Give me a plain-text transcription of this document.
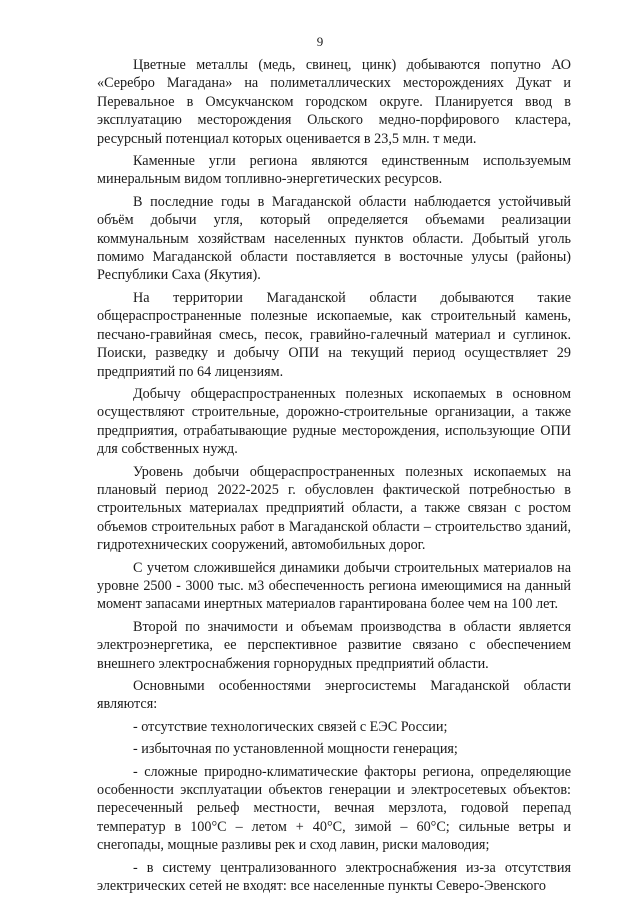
9

Цветные металлы (медь, свинец, цинк) добываются попутно АО «Серебро Магадана» на полиметаллических месторождениях Дукат и Перевальное в Омсукчанском городском округе. Планируется ввод в эксплуатацию месторождения Ольского медно-порфирового кластера, ресурсный потенциал которых оценивается в 23,5 млн. т меди.

Каменные угли региона являются единственным используемым минеральным видом топливно-энергетических ресурсов.

В последние годы в Магаданской области наблюдается устойчивый объём добычи угля, который определяется объемами реализации коммунальным хозяйствам населенных пунктов области. Добытый уголь помимо Магаданской области поставляется в восточные улусы (районы) Республики Саха (Якутия).

На территории Магаданской области добываются такие общераспространенные полезные ископаемые, как строительный камень, песчано-гравийная смесь, песок, гравийно-галечный материал и суглинок. Поиски, разведку и добычу ОПИ на текущий период осуществляет 29 предприятий по 64 лицензиям.

Добычу общераспространенных полезных ископаемых в основном осуществляют строительные, дорожно-строительные организации, а также предприятия, отрабатывающие рудные месторождения, использующие ОПИ для собственных нужд.

Уровень добычи общераспространенных полезных ископаемых на плановый период 2022-2025 г. обусловлен фактической потребностью в строительных материалах предприятий области, а также связан с ростом объемов строительных работ в Магаданской области – строительство зданий, гидротехнических сооружений, автомобильных дорог.

С учетом сложившейся динамики добычи строительных материалов на уровне 2500 - 3000 тыс. м3 обеспеченность региона имеющимися на данный момент запасами инертных материалов гарантирована более чем на 100 лет.

Второй по значимости и объемам производства в области является электроэнергетика, ее перспективное развитие связано с обеспечением внешнего электроснабжения горнорудных предприятий области.

Основными особенностями энергосистемы Магаданской области являются:

- отсутствие технологических связей с ЕЭС России;

- избыточная по установленной мощности генерация;

- сложные природно-климатические факторы региона, определяющие особенности эксплуатации объектов генерации и электросетевых объектов: пересеченный рельеф местности, вечная мерзлота, годовой перепад температур в 100°С – летом + 40°С, зимой – 60°С; сильные ветры и снегопады, мощные разливы рек и сход лавин, риски маловодия;

- в систему централизованного электроснабжения из-за отсутствия электрических сетей не входят: все населенные пункты Северо-Эвенского
